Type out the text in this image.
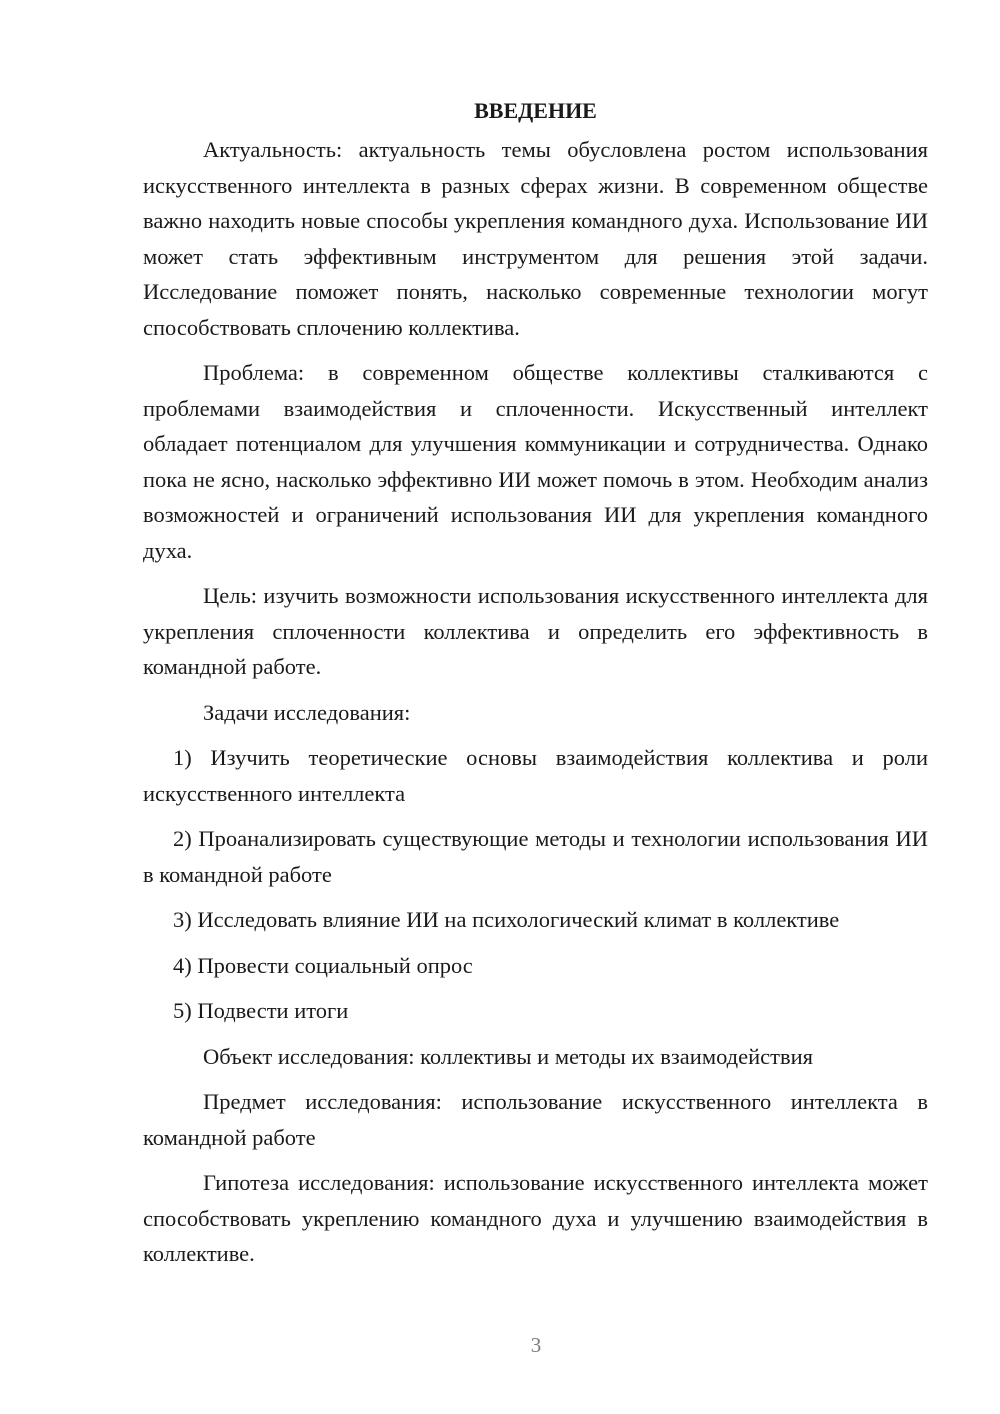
ВВЕДЕНИЕ

Актуальность: актуальность темы обусловлена ростом использования искусственного интеллекта в разных сферах жизни. В современном обществе важно находить новые способы укрепления командного духа. Использование ИИ может стать эффективным инструментом для решения этой задачи. Исследование поможет понять, насколько современные технологии могут способствовать сплочению коллектива.

Проблема: в современном обществе коллективы сталкиваются с проблемами взаимодействия и сплоченности. Искусственный интеллект обладает потенциалом для улучшения коммуникации и сотрудничества. Однако пока не ясно, насколько эффективно ИИ может помочь в этом. Необходим анализ возможностей и ограничений использования ИИ для укрепления командного духа.

Цель: изучить возможности использования искусственного интеллекта для укрепления сплоченности коллектива и определить его эффективность в командной работе.

Задачи исследования:

1) Изучить теоретические основы взаимодействия коллектива и роли искусственного интеллекта

2) Проанализировать существующие методы и технологии использования ИИ в командной работе

3) Исследовать влияние ИИ на психологический климат в коллективе

4) Провести социальный опрос

5) Подвести итоги

Объект исследования: коллективы и методы их взаимодействия

Предмет исследования: использование искусственного интеллекта в командной работе

Гипотеза исследования: использование искусственного интеллекта может способствовать укреплению командного духа и улучшению взаимодействия в коллективе.

3
